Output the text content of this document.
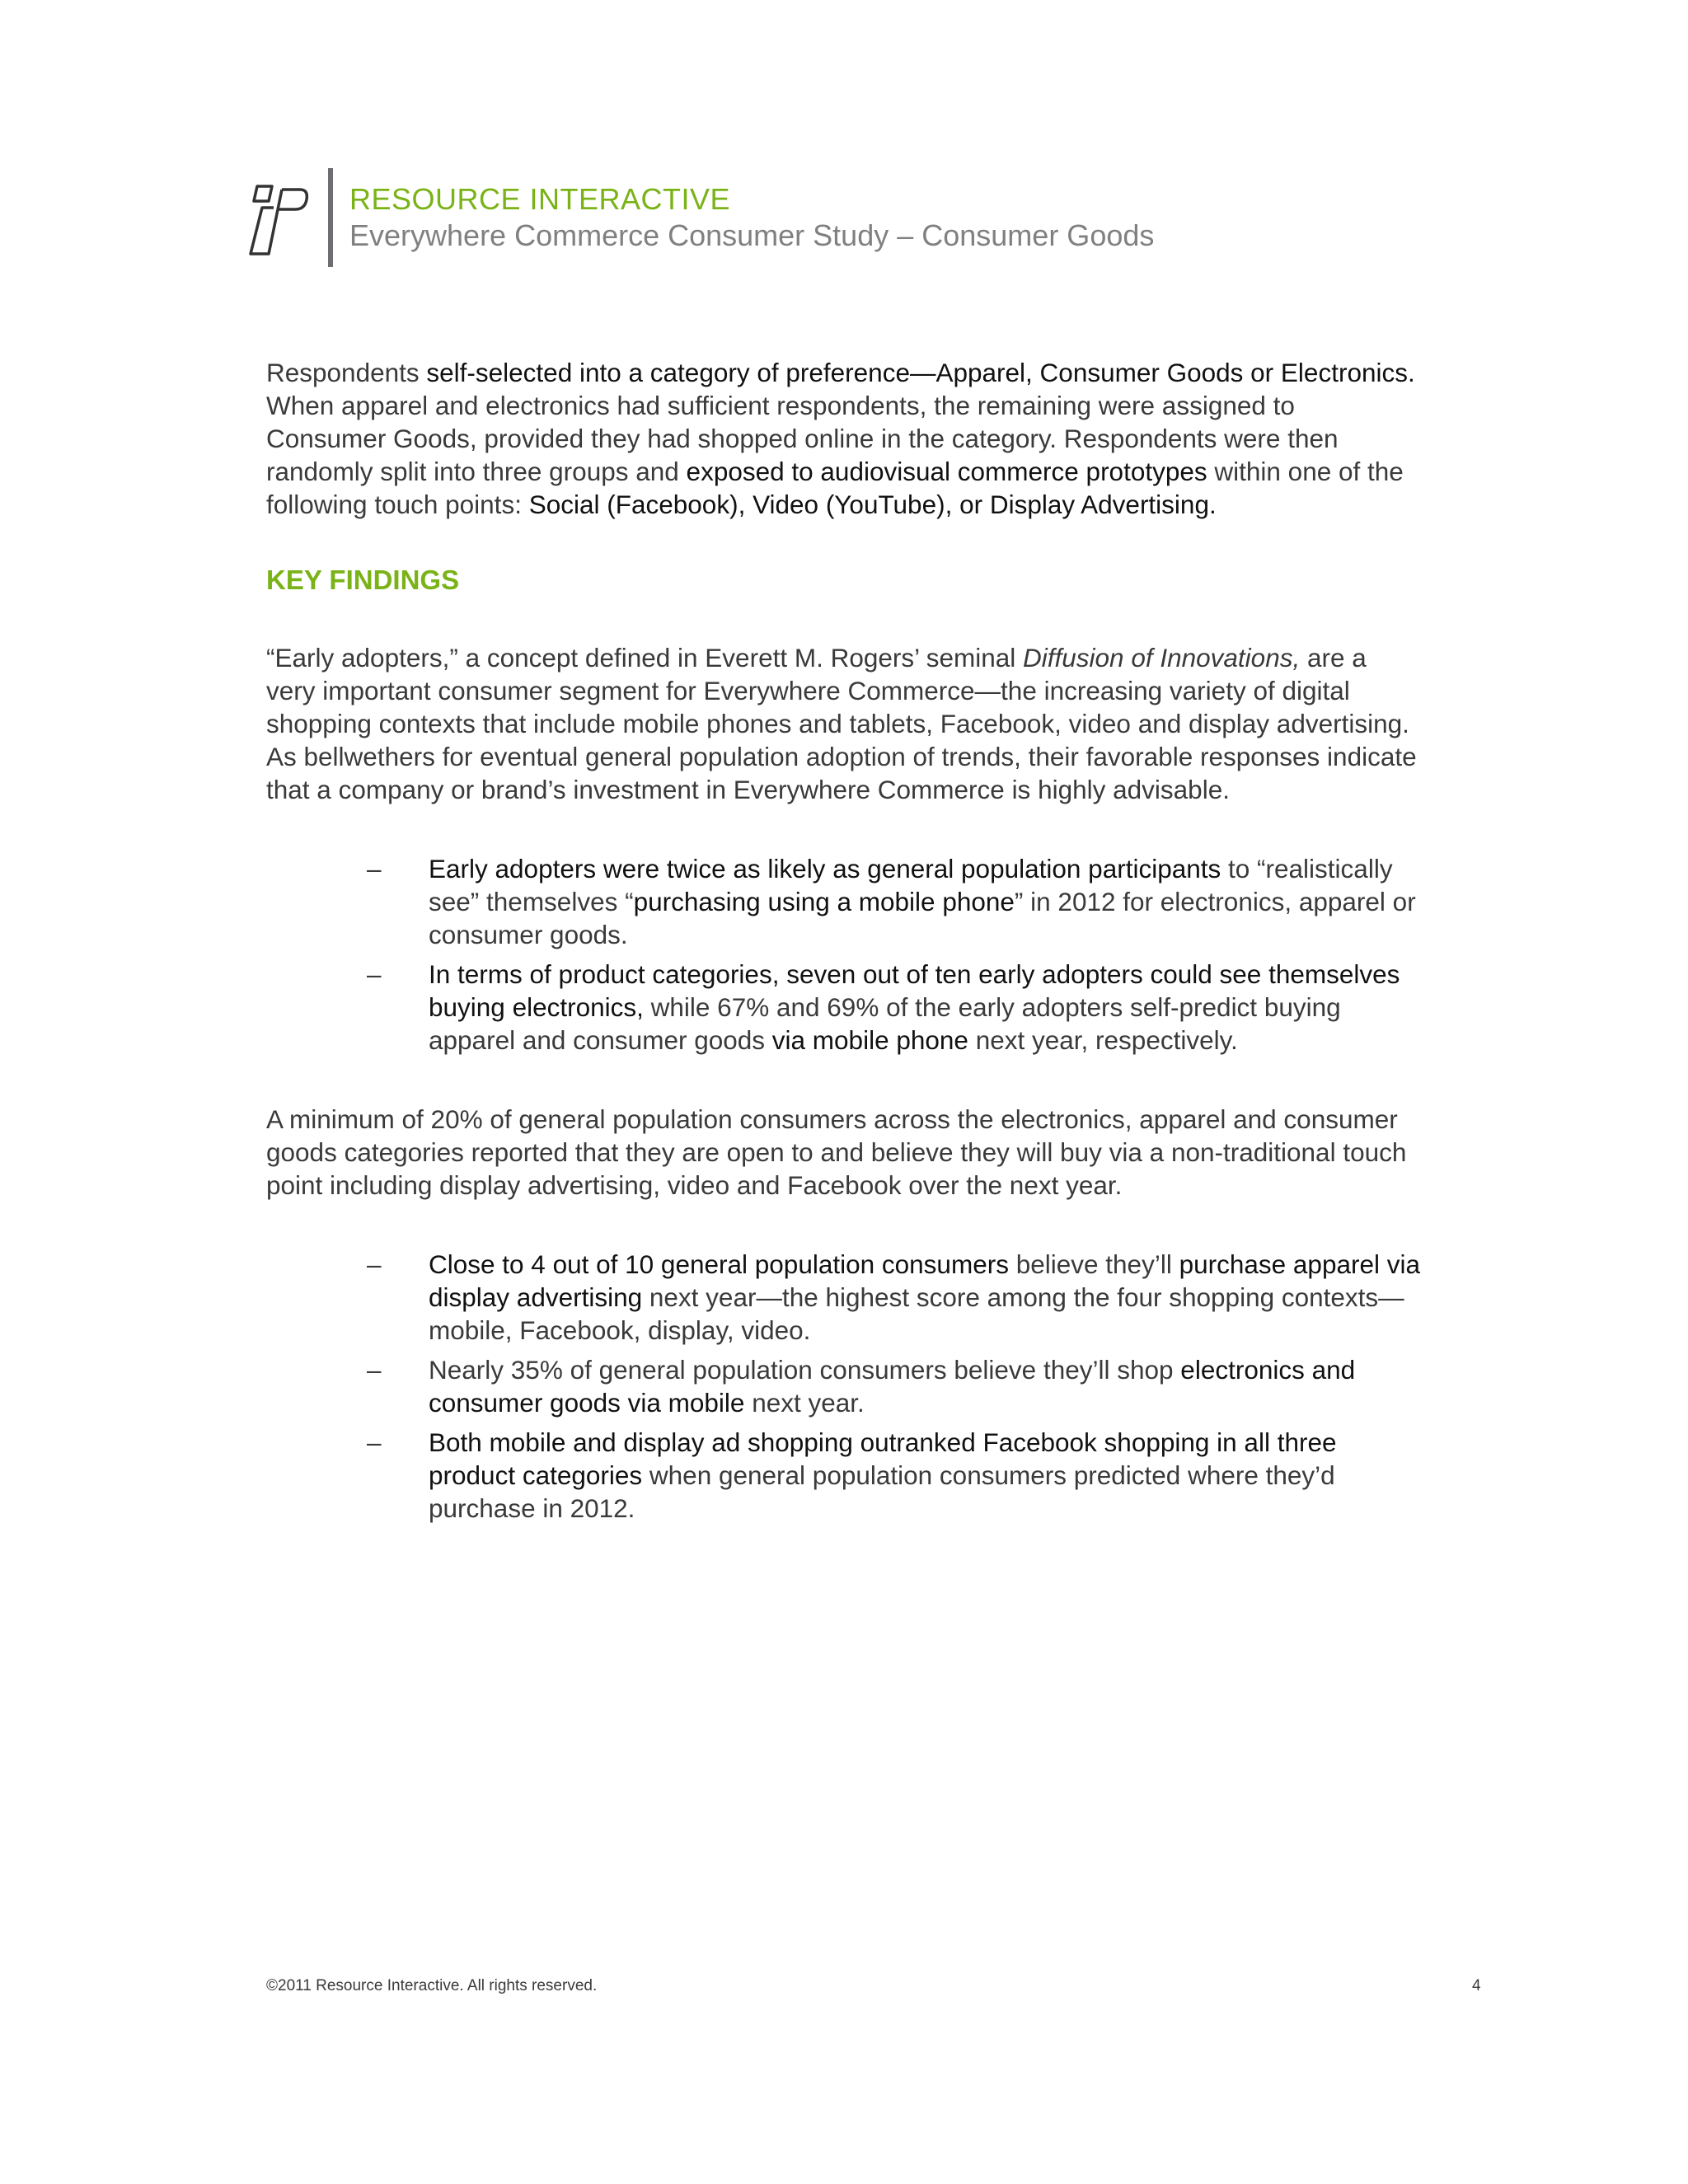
RESOURCE INTERACTIVE
Everywhere Commerce Consumer Study – Consumer Goods

Respondents self-selected into a category of preference—Apparel, Consumer Goods or Electronics. When apparel and electronics had sufficient respondents, the remaining were assigned to Consumer Goods, provided they had shopped online in the category. Respondents were then randomly split into three groups and exposed to audiovisual commerce prototypes within one of the following touch points: Social (Facebook), Video (YouTube), or Display Advertising.

KEY FINDINGS

“Early adopters,” a concept defined in Everett M. Rogers’ seminal Diffusion of Innovations, are a very important consumer segment for Everywhere Commerce—the increasing variety of digital shopping contexts that include mobile phones and tablets, Facebook, video and display advertising. As bellwethers for eventual general population adoption of trends, their favorable responses indicate that a company or brand’s investment in Everywhere Commerce is highly advisable.

– Early adopters were twice as likely as general population participants to “realistically see” themselves “purchasing using a mobile phone” in 2012 for electronics, apparel or consumer goods.
– In terms of product categories, seven out of ten early adopters could see themselves buying electronics, while 67% and 69% of the early adopters self-predict buying apparel and consumer goods via mobile phone next year, respectively.

A minimum of 20% of general population consumers across the electronics, apparel and consumer goods categories reported that they are open to and believe they will buy via a non-traditional touch point including display advertising, video and Facebook over the next year.

– Close to 4 out of 10 general population consumers believe they’ll purchase apparel via display advertising next year—the highest score among the four shopping contexts—mobile, Facebook, display, video.
– Nearly 35% of general population consumers believe they’ll shop electronics and consumer goods via mobile next year.
– Both mobile and display ad shopping outranked Facebook shopping in all three product categories when general population consumers predicted where they’d purchase in 2012.
©2011 Resource Interactive. All rights reserved.	4
